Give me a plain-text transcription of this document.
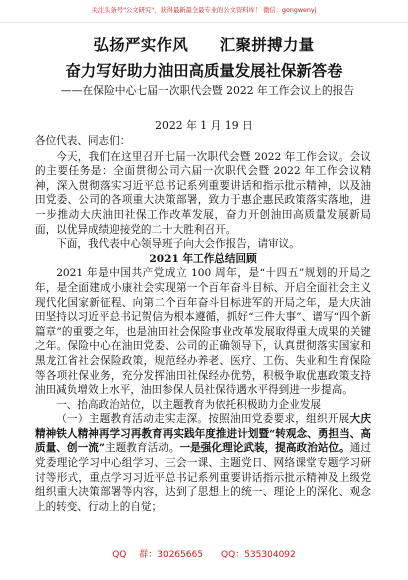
关注头条号"公文研究"，获得最新最全最专业的公文资料库！ 微信：gongwenyj
弘扬严实作风　　汇聚拼搏力量
奋力写好助力油田高质量发展社保新答卷
——在保险中心七届一次职代会暨 2022 年工作会议上的报告
2022 年 1 月 19 日

各位代表、同志们：

今天，我们在这里召开七届一次职代会暨 2022 年工作会议。会议的主要任务是：全面贯彻公司六届一次职代会暨 2022 年工作会议精神，深入贯彻落实习近平总书记系列重要讲话和指示批示精神，以及油田党委、公司的各项重大决策部署，致力于惠企惠民政策落实落地，进一步推动大庆油田社保工作改革发展，奋力开创油田高质量发展新局面，以优异成绩迎接党的二十大胜利召开。

下面，我代表中心领导班子向大会作报告，请审议。

2021 年工作总结回顾

2021 年是中国共产党成立 100 周年，是“十四五”规划的开局之年，是全面建成小康社会实现第一个百年奋斗目标、开启全面社会主义现代化国家新征程、向第二个百年奋斗目标进军的开局之年，是大庆油田坚持以习近平总书记贺信为根本遵循，抓好“三件大事”、谱写“四个新篇章”的重要之年，也是油田社会保险事业改革发展取得重大成果的关键之年。保险中心在油田党委、公司的正确领导下，认真贯彻落实国家和黑龙江省社会保险政策，规范经办养老、医疗、工伤、失业和生育保险等各项社保业务，充分发挥油田社保经办优势，积极争取优惠政策支持油田减负增效上水平，油田参保人员社保待遇水平得到进一步提高。

一、抬高政治站位，以主题教育为依托积极助力企业发展

（一）主题教育活动走实走深。按照油田党委要求，组织开展大庆精神铁人精神再学习再教育再实践年度推进计划暨“转观念、勇担当、高质量、创一流”主题教育活动。一是强化理论武装，提高政治站位。通过党委理论学习中心组学习、三会一课、主题党日、网络课堂专题学习研讨等形式，重点学习习近平总书记系列重要讲话指示批示精神及上级党组织重大决策部署等内容，达到了思想上的统一、理论上的深化、观念上的转变、行动上的自觉；

QQ 群：30265665　　QQ：535304092
